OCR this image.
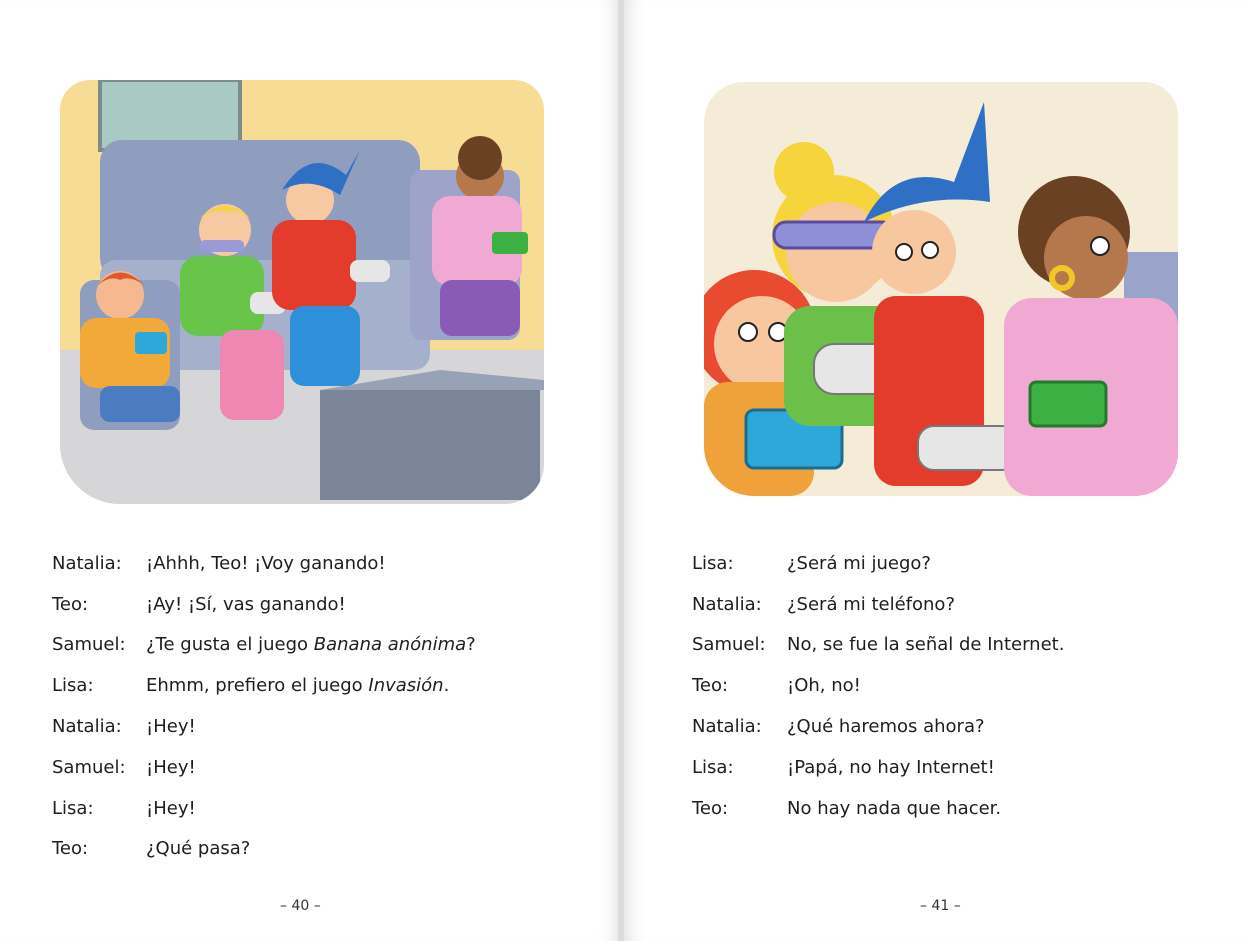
Natalia:	¡Ahhh, Teo! ¡Voy ganando!
Teo:	¡Ay! ¡Sí, vas ganando!
Samuel:	¿Te gusta el juego Banana anónima?
Lisa:	Ehmm, prefiero el juego Invasión.
Natalia:	¡Hey!
Samuel:	¡Hey!
Lisa:	¡Hey!
Teo:	¿Qué pasa?
– 40 –
Lisa:	¿Será mi juego?
Natalia:	¿Será mi teléfono?
Samuel:	No, se fue la señal de Internet.
Teo:	¡Oh, no!
Natalia:	¿Qué haremos ahora?
Lisa:	¡Papá, no hay Internet!
Teo:	No hay nada que hacer.
– 41 –
